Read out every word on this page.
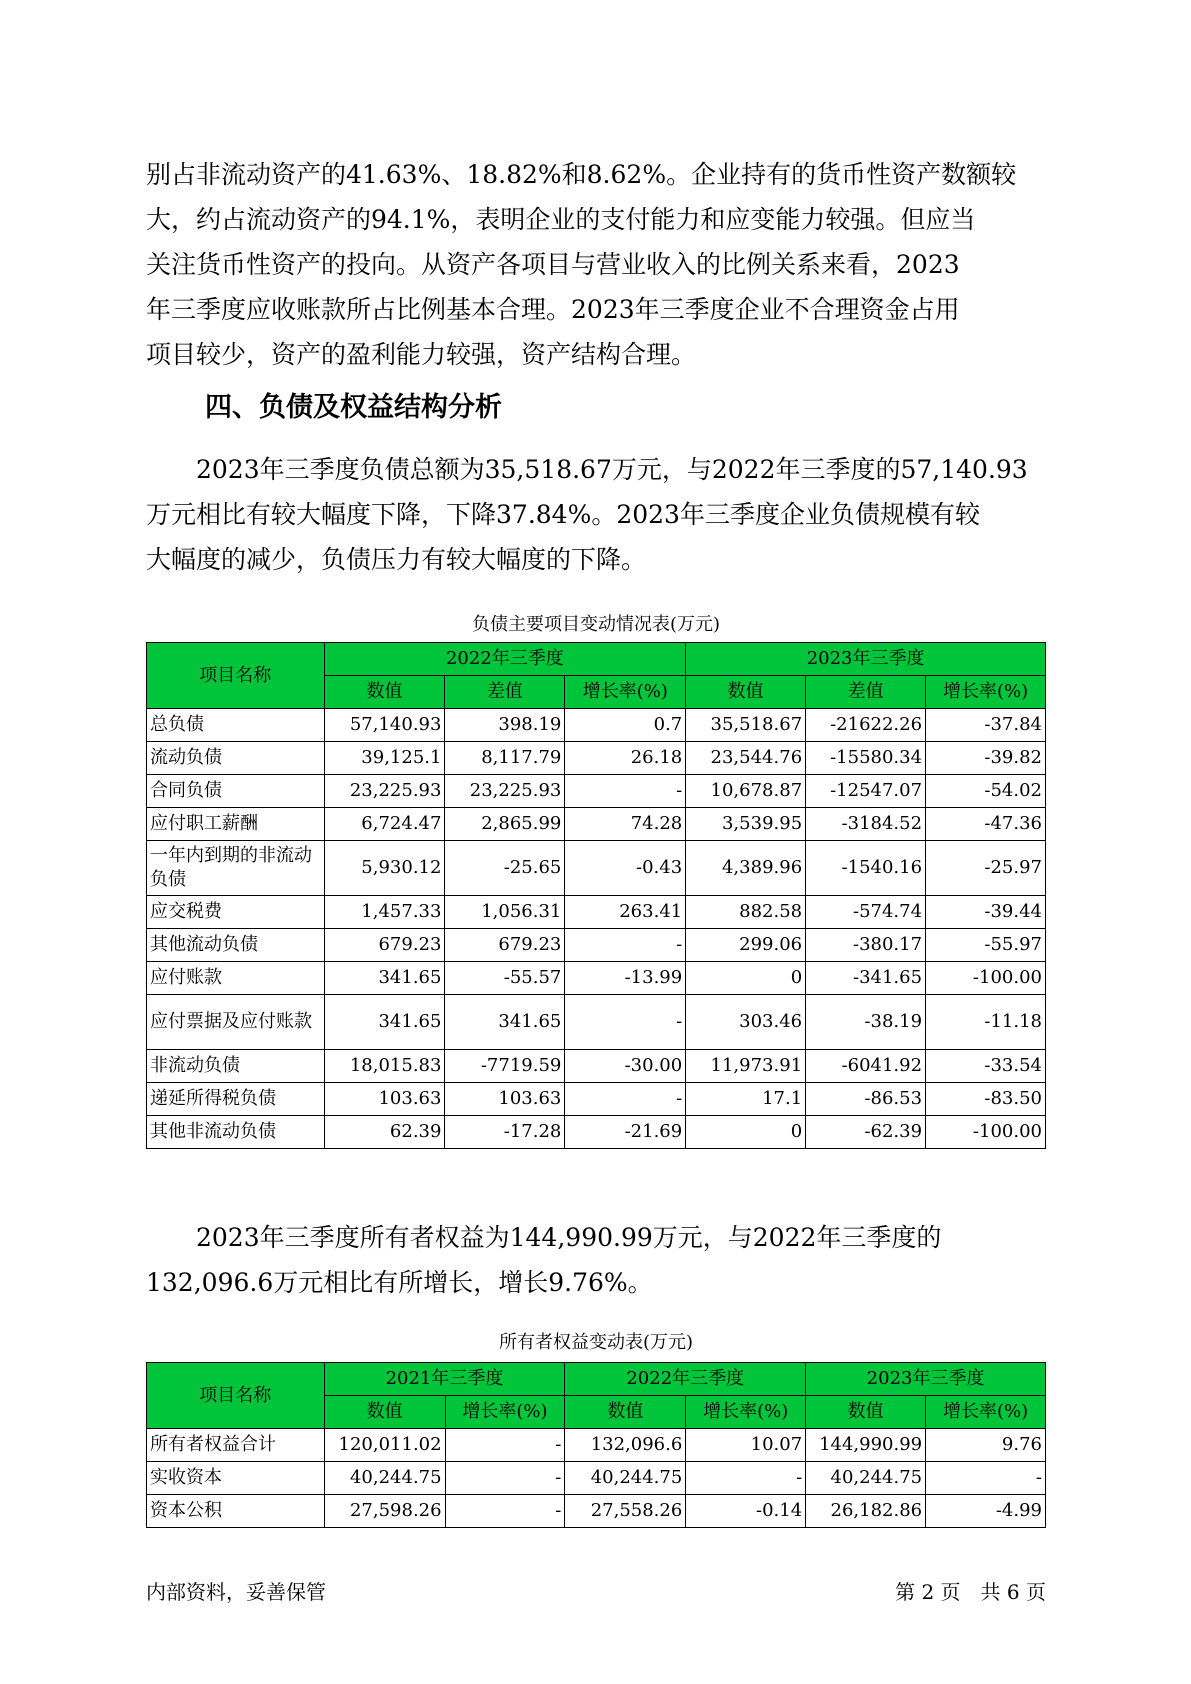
别占非流动资产的41.63%、18.82%和8.62%。企业持有的货币性资产数额较
大，约占流动资产的94.1%，表明企业的支付能力和应变能力较强。但应当
关注货币性资产的投向。从资产各项目与营业收入的比例关系来看，2023
年三季度应收账款所占比例基本合理。2023年三季度企业不合理资金占用
项目较少，资产的盈利能力较强，资产结构合理。
四、负债及权益结构分析
　　2023年三季度负债总额为35,518.67万元，与2022年三季度的57,140.93
万元相比有较大幅度下降，下降37.84%。2023年三季度企业负债规模有较
大幅度的减少，负债压力有较大幅度的下降。
负债主要项目变动情况表(万元)
项目名称	2022年三季度			2023年三季度		
	数值	差值	增长率(%)	数值	差值	增长率(%)
总负债	57,140.93	398.19	0.7	35,518.67	-21622.26	-37.84
流动负债	39,125.1	8,117.79	26.18	23,544.76	-15580.34	-39.82
合同负债	23,225.93	23,225.93	-	10,678.87	-12547.07	-54.02
应付职工薪酬	6,724.47	2,865.99	74.28	3,539.95	-3184.52	-47.36
一年内到期的非流动负债	5,930.12	-25.65	-0.43	4,389.96	-1540.16	-25.97
应交税费	1,457.33	1,056.31	263.41	882.58	-574.74	-39.44
其他流动负债	679.23	679.23	-	299.06	-380.17	-55.97
应付账款	341.65	-55.57	-13.99	0	-341.65	-100.00
应付票据及应付账款	341.65	341.65	-	303.46	-38.19	-11.18
非流动负债	18,015.83	-7719.59	-30.00	11,973.91	-6041.92	-33.54
递延所得税负债	103.63	103.63	-	17.1	-86.53	-83.50
其他非流动负债	62.39	-17.28	-21.69	0	-62.39	-100.00
　　2023年三季度所有者权益为144,990.99万元，与2022年三季度的
132,096.6万元相比有所增长，增长9.76%。
所有者权益变动表(万元)
项目名称	2021年三季度		2022年三季度		2023年三季度	
	数值	增长率(%)	数值	增长率(%)	数值	增长率(%)
所有者权益合计	120,011.02	-	132,096.6	10.07	144,990.99	9.76
实收资本	40,244.75	-	40,244.75	-	40,244.75	-
资本公积	27,598.26	-	27,558.26	-0.14	26,182.86	-4.99
内部资料，妥善保管	第 2 页　共 6 页
